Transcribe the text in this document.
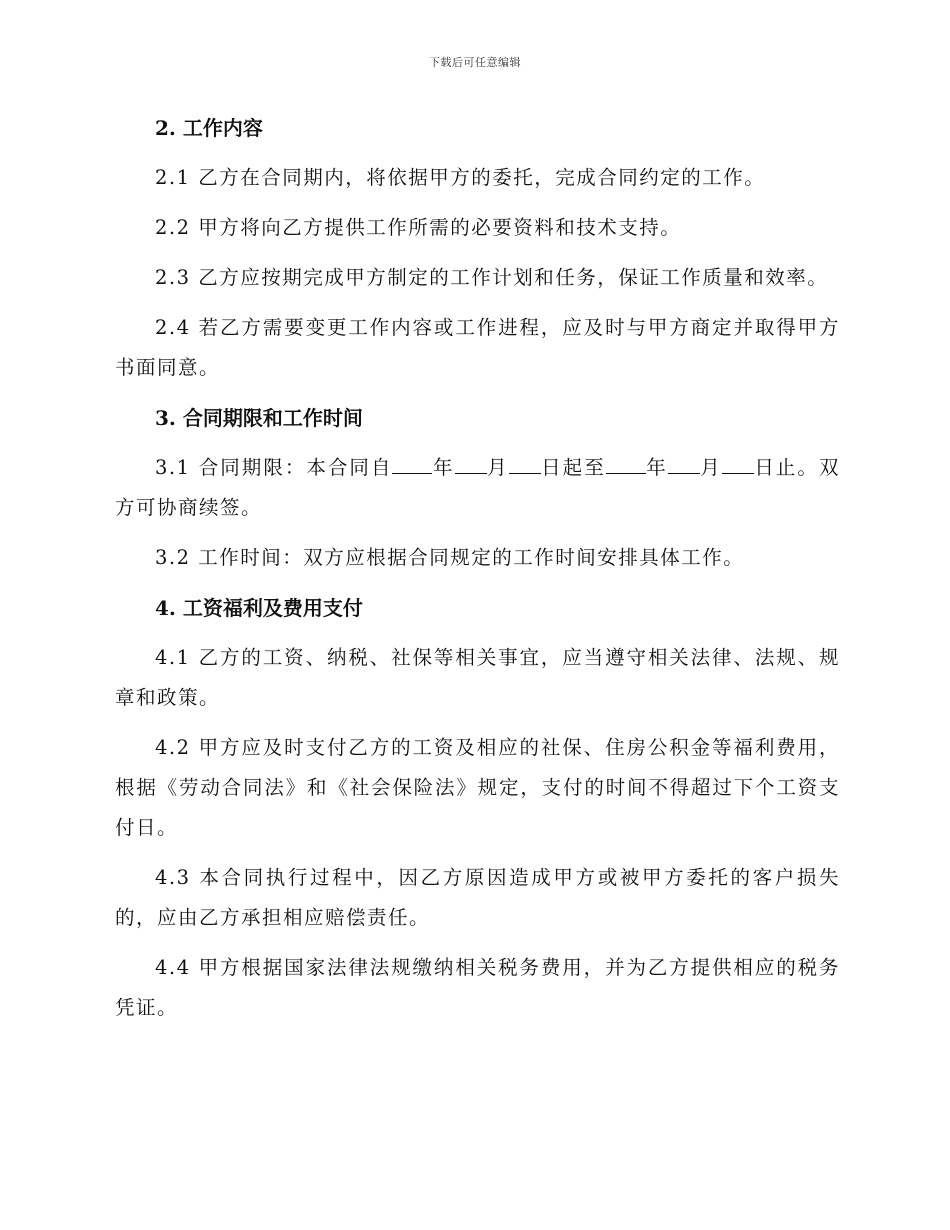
下载后可任意编辑
2. 工作内容

2.1 乙方在合同期内，将依据甲方的委托，完成合同约定的工作。

2.2 甲方将向乙方提供工作所需的必要资料和技术支持。

2.3 乙方应按期完成甲方制定的工作计划和任务，保证工作质量和效率。

2.4 若乙方需要变更工作内容或工作进程，应及时与甲方商定并取得甲方书面同意。

3. 合同期限和工作时间

3.1 合同期限：本合同自 年 月 日起至 年 月 日止。双方可协商续签。

3.2 工作时间：双方应根据合同规定的工作时间安排具体工作。

4. 工资福利及费用支付

4.1 乙方的工资、纳税、社保等相关事宜，应当遵守相关法律、法规、规章和政策。

4.2 甲方应及时支付乙方的工资及相应的社保、住房公积金等福利费用，根据《劳动合同法》和《社会保险法》规定，支付的时间不得超过下个工资支付日。

4.3 本合同执行过程中，因乙方原因造成甲方或被甲方委托的客户损失的，应由乙方承担相应赔偿责任。

4.4 甲方根据国家法律法规缴纳相关税务费用，并为乙方提供相应的税务凭证。
